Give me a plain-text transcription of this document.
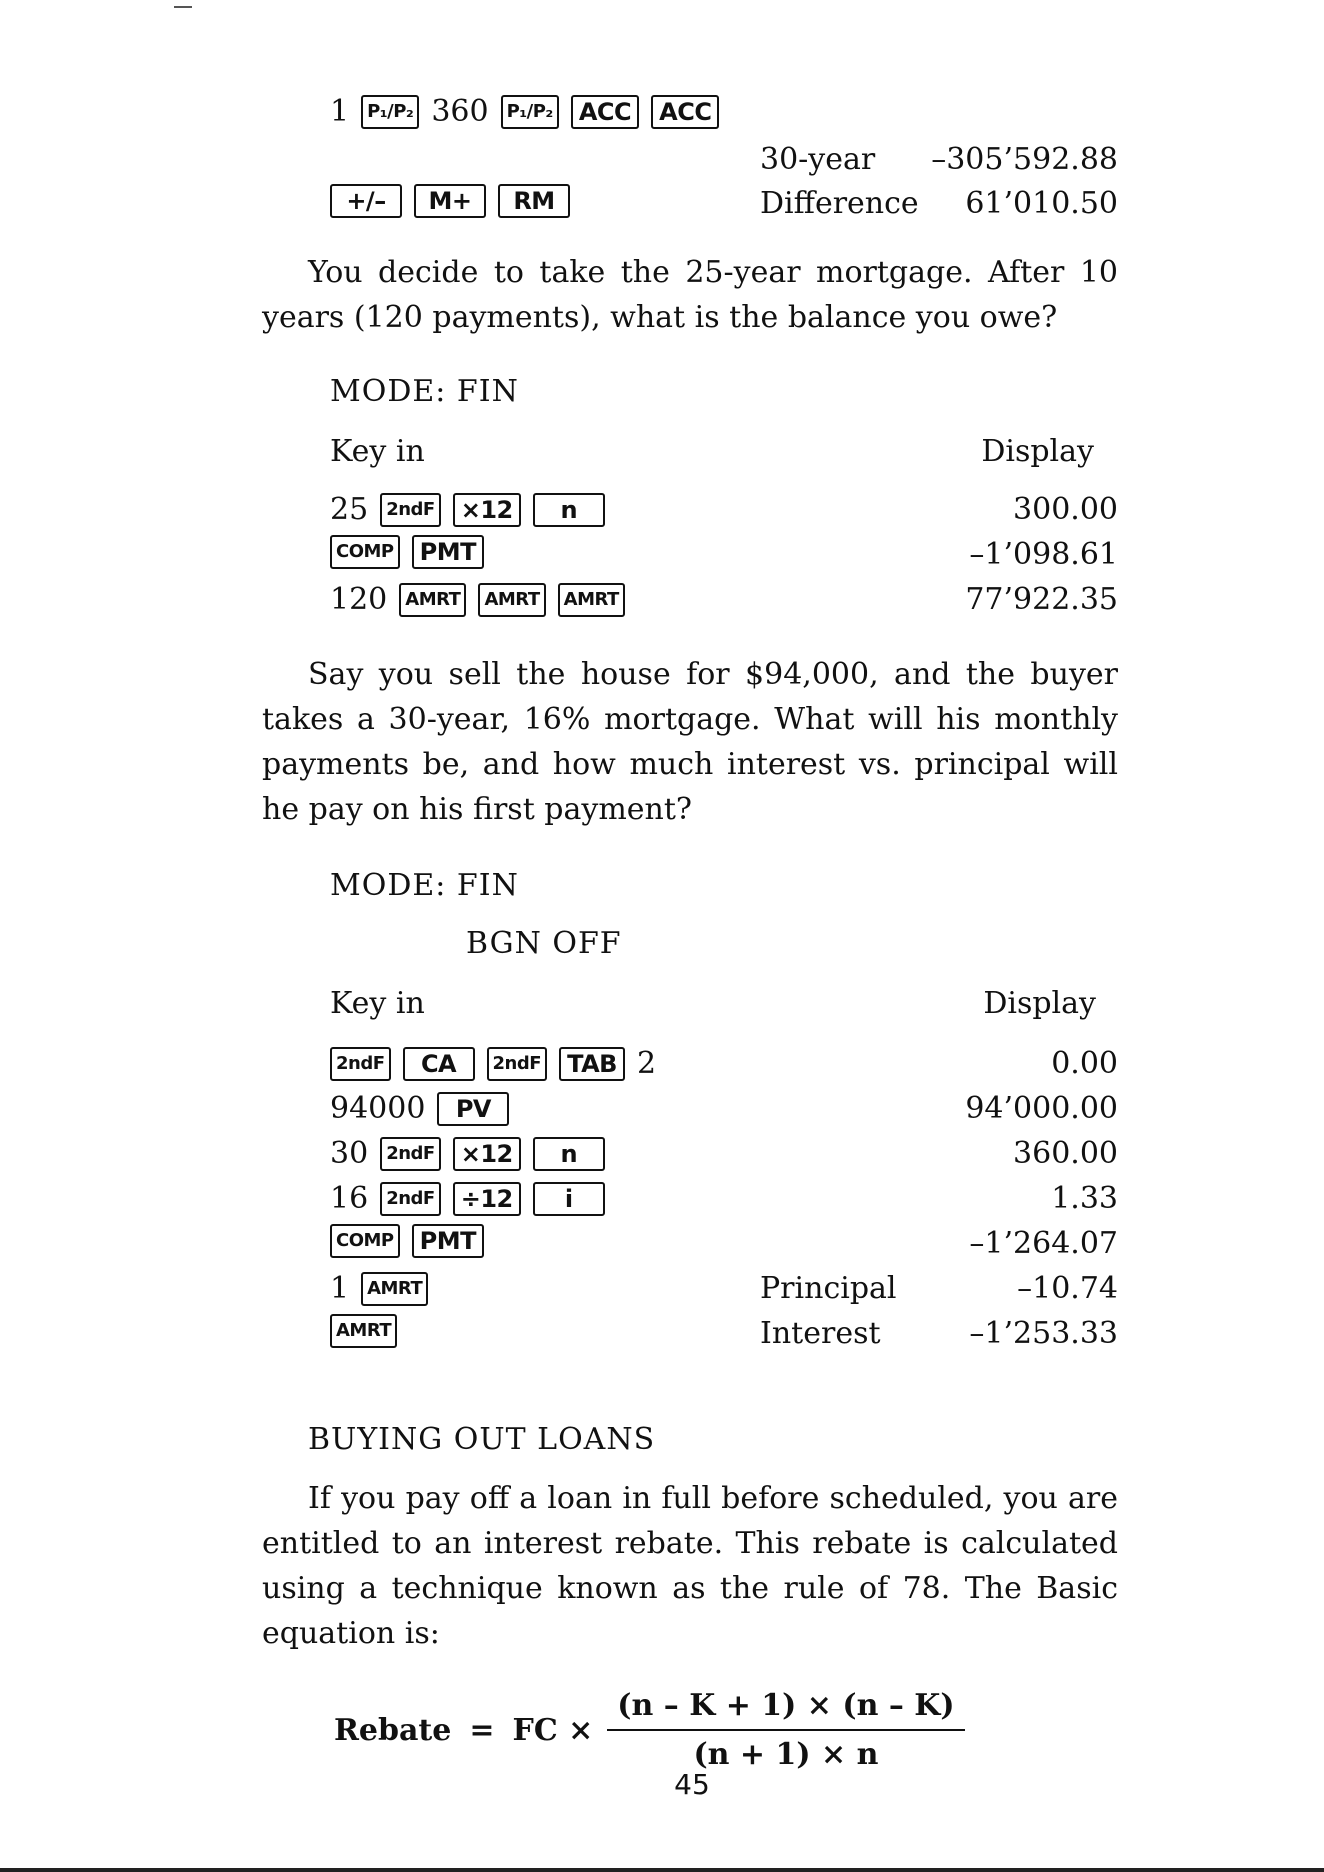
1	P₁/P₂ 360	P₁/P₂	ACC	ACC
30-year –305’592.88
+/–	M+	RM	Difference 61’010.50

You decide to take the 25-year mortgage. After 10 years (120 payments), what is the balance you owe?

MODE: FIN
Key in	Display
25	2ndF	×12	n	300.00
COMP	PMT	–1’098.61
120	AMRT	AMRT	AMRT	77’922.35

Say you sell the house for $94,000, and the buyer takes a 30-year, 16% mortgage. What will his monthly payments be, and how much interest vs. principal will he pay on his first payment?

MODE: FIN
BGN OFF
Key in	Display
2ndF	CA	2ndF	TAB 2	0.00
94000	PV	94’000.00
30	2ndF	×12	n	360.00
16	2ndF	÷12	i	1.33
COMP	PMT	–1’264.07
1	AMRT	Principal	–10.74
AMRT	Interest	–1’253.33
BUYING OUT LOANS

If you pay off a loan in full before scheduled, you are entitled to an interest rebate. This rebate is calculated using a technique known as the rule of 78. The Basic equation is:

Rebate = FC × $\frac{(n - K + 1) \times (n - K)}{(n + 1) \times n}$
45
